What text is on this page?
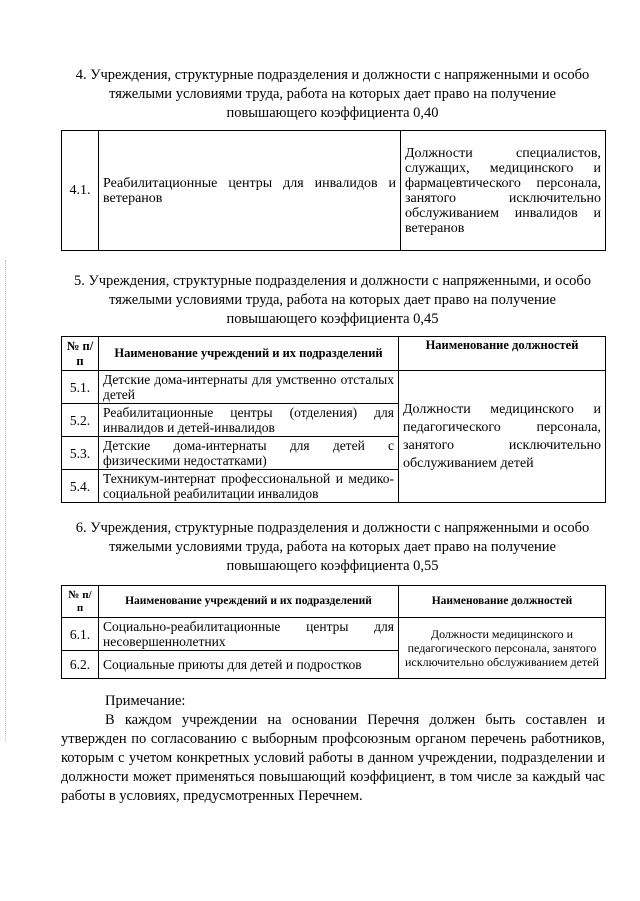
4. Учреждения, структурные подразделения и должности с напряженными и особо
тяжелыми условиями труда, работа на которых дает право на получение
повышающего коэффициента 0,40
4.1.	Реабилитационные центры для инвалидов и ветеранов	Должности специалистов, служащих, медицинского и фармацевтического персонала, занятого исключительно обслуживанием инвалидов и ветеранов
5. Учреждения, структурные подразделения и должности с напряженными, и особо
тяжелыми условиями труда, работа на которых дает право на получение
повышающего коэффициента 0,45
№ п/п	Наименование учреждений и их подразделений	Наименование должностей
5.1.	Детские дома-интернаты для умственно отсталых детей	Должности медицинского и педагогического персонала, занятого исключительно обслуживанием детей
5.2.	Реабилитационные центры (отделения) для инвалидов и детей-инвалидов	
5.3.	Детские дома-интернаты для детей с физическими недостатками)	
5.4.	Техникум-интернат профессиональной и медико-социальной реабилитации инвалидов	
6. Учреждения, структурные подразделения и должности с напряженными и особо
тяжелыми условиями труда, работа на которых дает право на получение
повышающего коэффициента 0,55
№ п/п	Наименование учреждений и их подразделений	Наименование должностей
6.1.	Социально-реабилитационные центры для несовершеннолетних	Должности медицинского и педагогического персонала, занятого исключительно обслуживанием детей
6.2.	Социальные приюты для детей и подростков	
Примечание:
В каждом учреждении на основании Перечня должен быть составлен и утвержден по согласованию с выборным профсоюзным органом перечень работников, которым с учетом конкретных условий работы в данном учреждении, подразделении и должности может применяться повышающий коэффициент, в том числе за каждый час работы в условиях, предусмотренных Перечнем.
